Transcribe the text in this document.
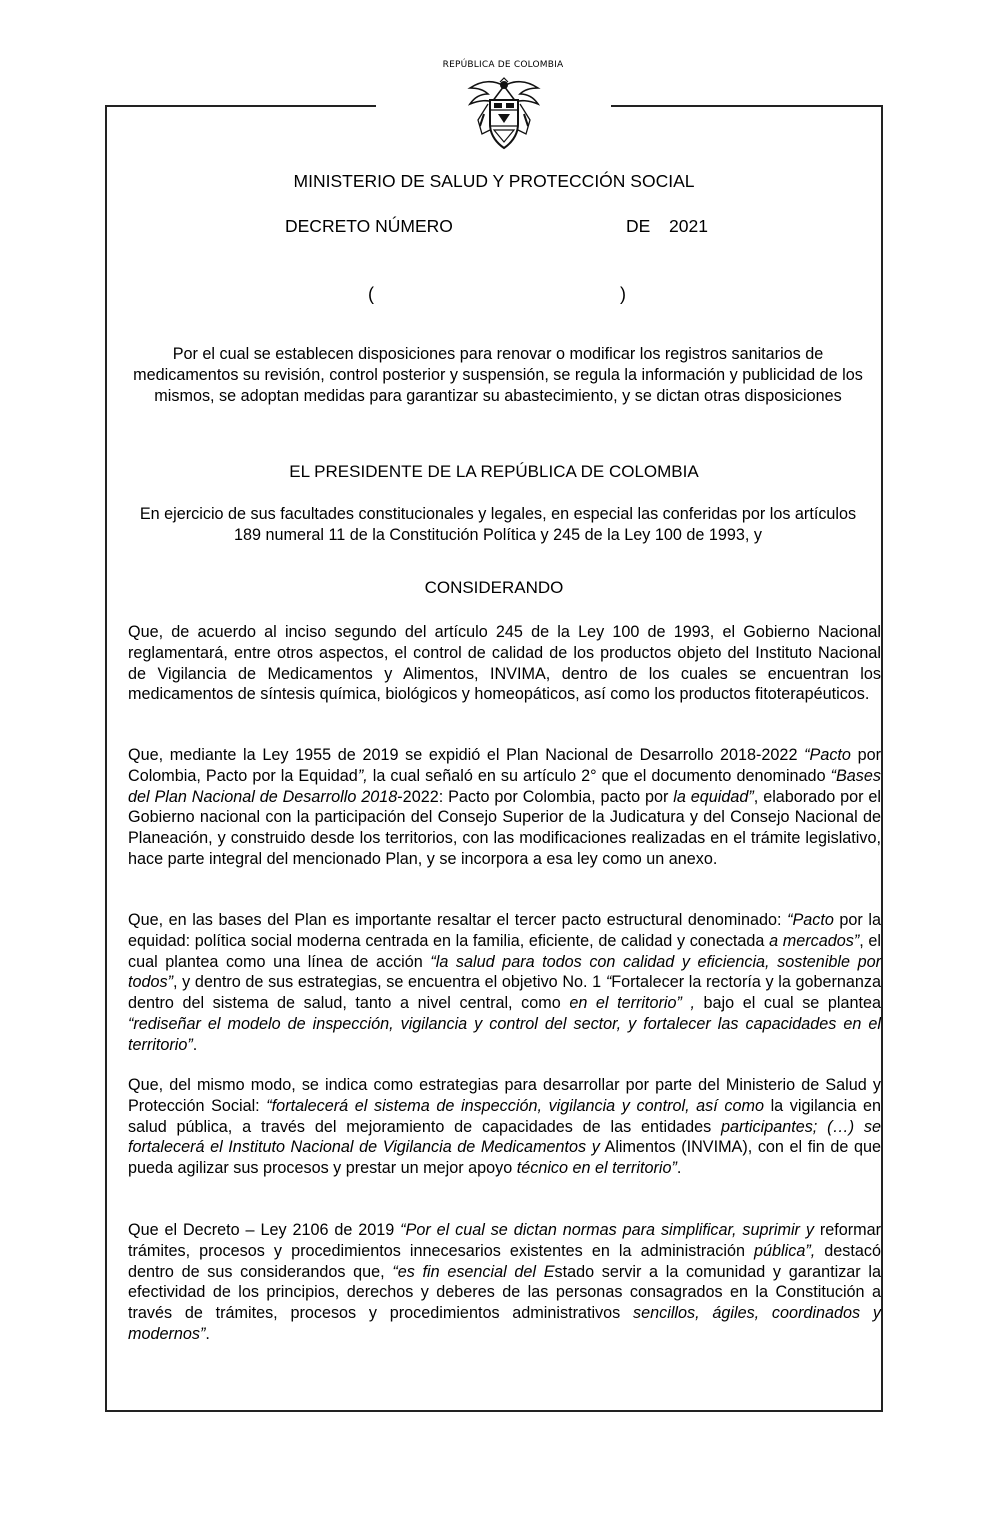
REPÚBLICA DE COLOMBIA
MINISTERIO DE SALUD Y PROTECCIÓN SOCIAL
DECRETO NÚMERO	DE 2021
(	)
Por el cual se establecen disposiciones para renovar o modificar los registros sanitarios de medicamentos su revisión, control posterior y suspensión, se regula la información y publicidad de los mismos, se adoptan medidas para garantizar su abastecimiento, y se dictan otras disposiciones
EL PRESIDENTE DE LA REPÚBLICA DE COLOMBIA
En ejercicio de sus facultades constitucionales y legales, en especial las conferidas por los artículos 189 numeral 11 de la Constitución Política y 245 de la Ley 100 de 1993, y
CONSIDERANDO
Que, de acuerdo al inciso segundo del artículo 245 de la Ley 100 de 1993, el Gobierno Nacional reglamentará, entre otros aspectos, el control de calidad de los productos objeto del Instituto Nacional de Vigilancia de Medicamentos y Alimentos, INVIMA, dentro de los cuales se encuentran los medicamentos de síntesis química, biológicos y homeopáticos, así como los productos fitoterapéuticos.
Que, mediante la Ley 1955 de 2019 se expidió el Plan Nacional de Desarrollo 2018-2022 “Pacto por Colombia, Pacto por la Equidad”, la cual señaló en su artículo 2° que el documento denominado “Bases del Plan Nacional de Desarrollo 2018-2022: Pacto por Colombia, pacto por la equidad”, elaborado por el Gobierno nacional con la participación del Consejo Superior de la Judicatura y del Consejo Nacional de Planeación, y construido desde los territorios, con las modificaciones realizadas en el trámite legislativo, hace parte integral del mencionado Plan, y se incorpora a esa ley como un anexo.
Que, en las bases del Plan es importante resaltar el tercer pacto estructural denominado: “Pacto por la equidad: política social moderna centrada en la familia, eficiente, de calidad y conectada a mercados”, el cual plantea como una línea de acción “la salud para todos con calidad y eficiencia, sostenible por todos”, y dentro de sus estrategias, se encuentra el objetivo No. 1 “Fortalecer la rectoría y la gobernanza dentro del sistema de salud, tanto a nivel central, como en el territorio” , bajo el cual se plantea “rediseñar el modelo de inspección, vigilancia y control del sector, y fortalecer las capacidades en el territorio”.
Que, del mismo modo, se indica como estrategias para desarrollar por parte del Ministerio de Salud y Protección Social: “fortalecerá el sistema de inspección, vigilancia y control, así como la vigilancia en salud pública, a través del mejoramiento de capacidades de las entidades participantes; (…) se fortalecerá el Instituto Nacional de Vigilancia de Medicamentos y Alimentos (INVIMA), con el fin de que pueda agilizar sus procesos y prestar un mejor apoyo técnico en el territorio”.
Que el Decreto – Ley 2106 de 2019 “Por el cual se dictan normas para simplificar, suprimir y reformar trámites, procesos y procedimientos innecesarios existentes en la administración pública”, destacó dentro de sus considerandos que, “es fin esencial del Estado servir a la comunidad y garantizar la efectividad de los principios, derechos y deberes de las personas consagrados en la Constitución a través de trámites, procesos y procedimientos administrativos sencillos, ágiles, coordinados y modernos”.
